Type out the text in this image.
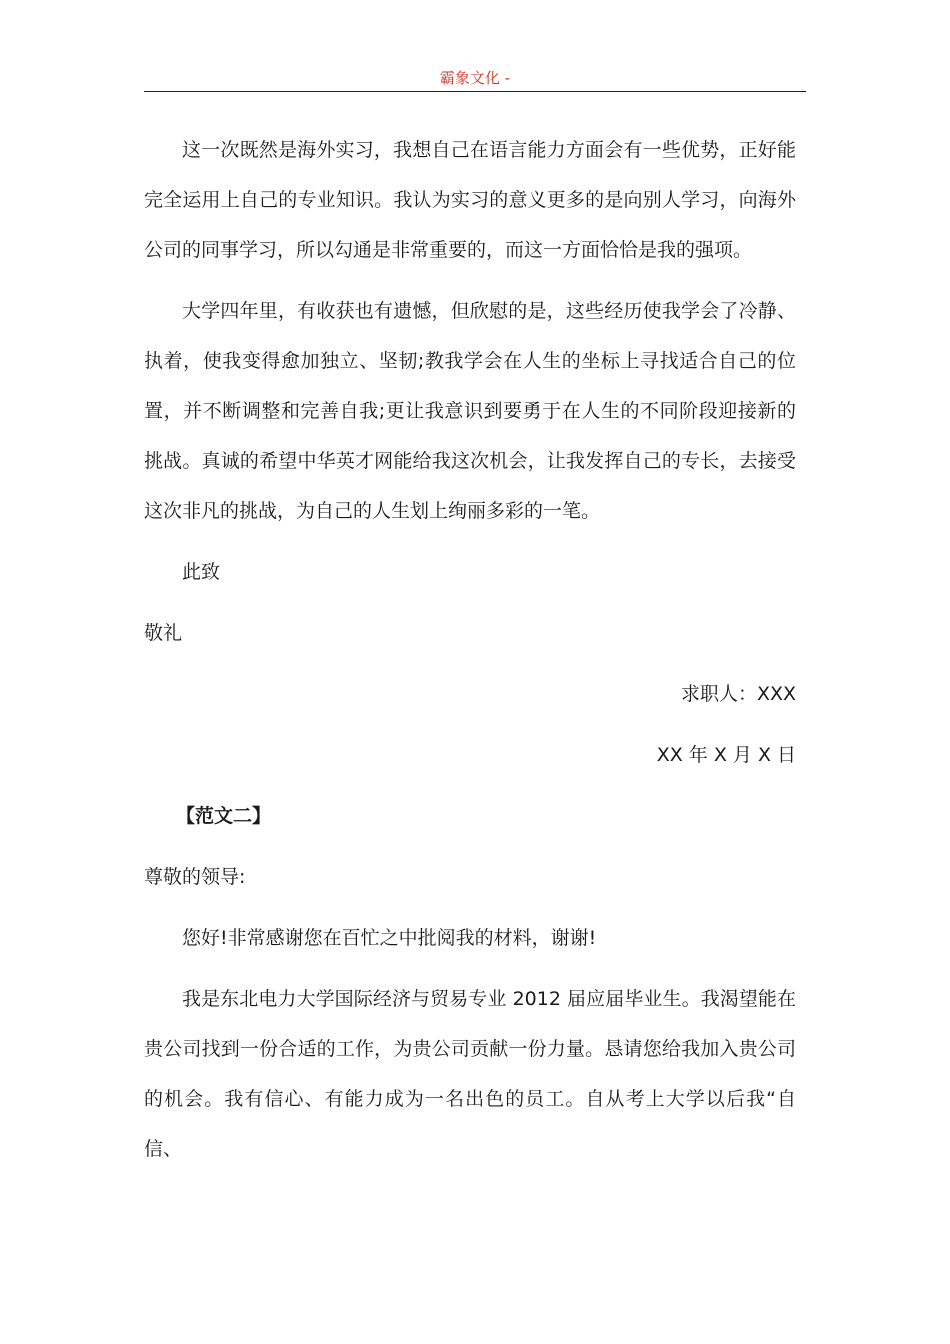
霸象文化 -

这一次既然是海外实习，我想自己在语言能力方面会有一些优势，正好能完全运用上自己的专业知识。我认为实习的意义更多的是向别人学习，向海外公司的同事学习，所以勾通是非常重要的，而这一方面恰恰是我的强项。

大学四年里，有收获也有遗憾，但欣慰的是，这些经历使我学会了冷静、执着，使我变得愈加独立、坚韧;教我学会在人生的坐标上寻找适合自己的位置，并不断调整和完善自我;更让我意识到要勇于在人生的不同阶段迎接新的挑战。真诚的希望中华英才网能给我这次机会，让我发挥自己的专长，去接受这次非凡的挑战，为自己的人生划上绚丽多彩的一笔。

此致

敬礼

求职人：XXX

XX 年 X 月 X 日

【范文二】

尊敬的领导:

您好!非常感谢您在百忙之中批阅我的材料，谢谢!

我是东北电力大学国际经济与贸易专业 2012 届应届毕业生。我渴望能在贵公司找到一份合适的工作，为贵公司贡献一份力量。恳请您给我加入贵公司的机会。我有信心、有能力成为一名出色的员工。自从考上大学以后我“自信、
